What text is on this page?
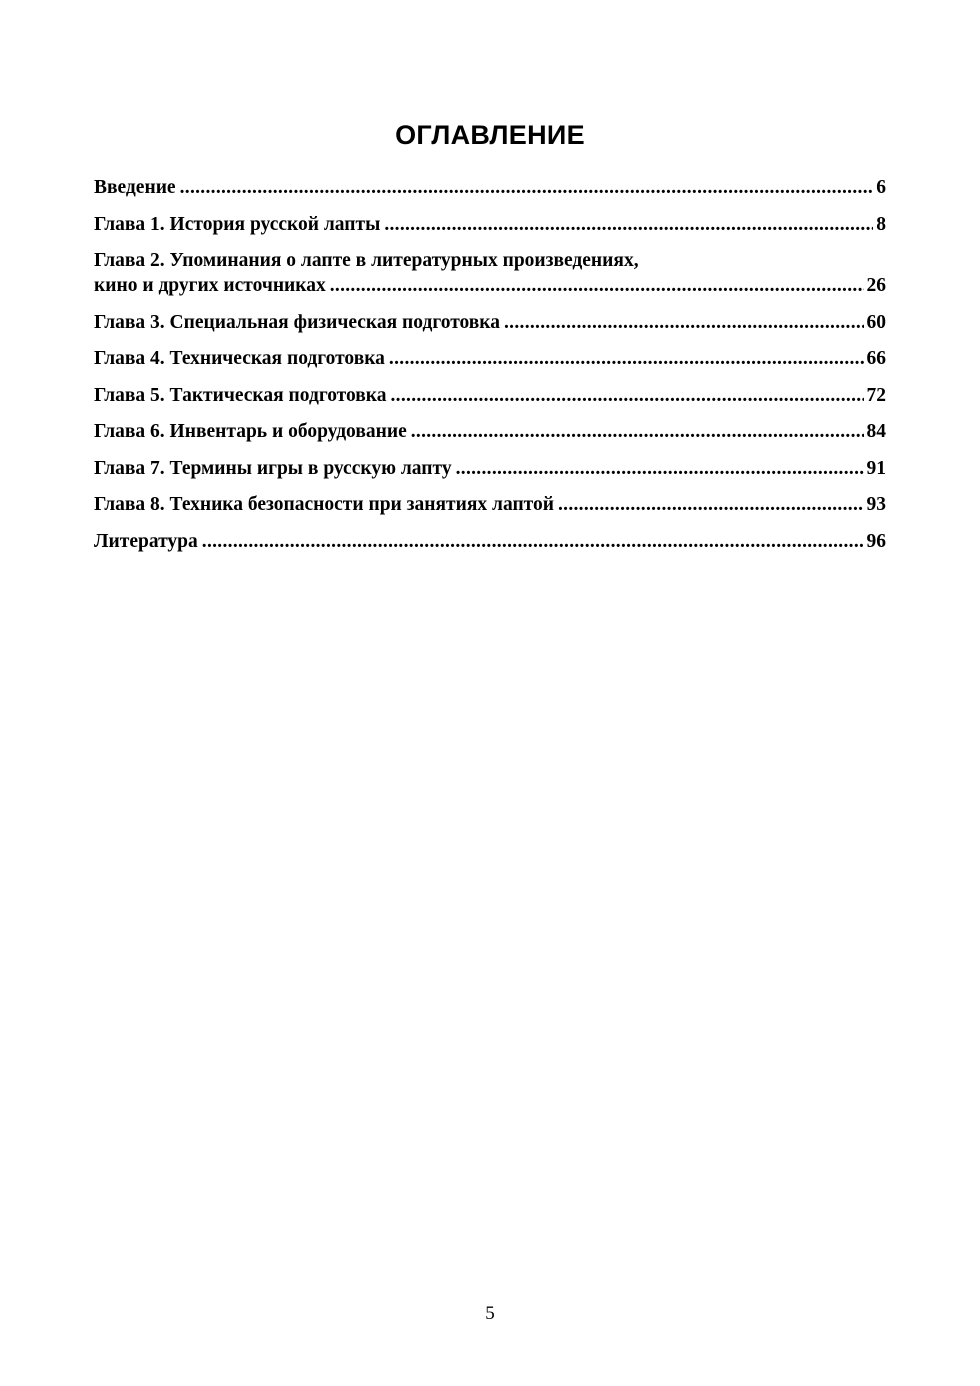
ОГЛАВЛЕНИЕ
Введение .....	6
Глава 1. История русской лапты .....	8
Глава 2. Упоминания о лапте в литературных произведениях,
кино и других источниках .....	26
Глава 3. Специальная физическая подготовка .....	60
Глава 4. Техническая подготовка .....	66
Глава 5. Тактическая подготовка .....	72
Глава 6. Инвентарь и оборудование .....	84
Глава 7. Термины игры в русскую лапту .....	91
Глава 8. Техника безопасности при занятиях лаптой .....	93
Литература .....	96
5
